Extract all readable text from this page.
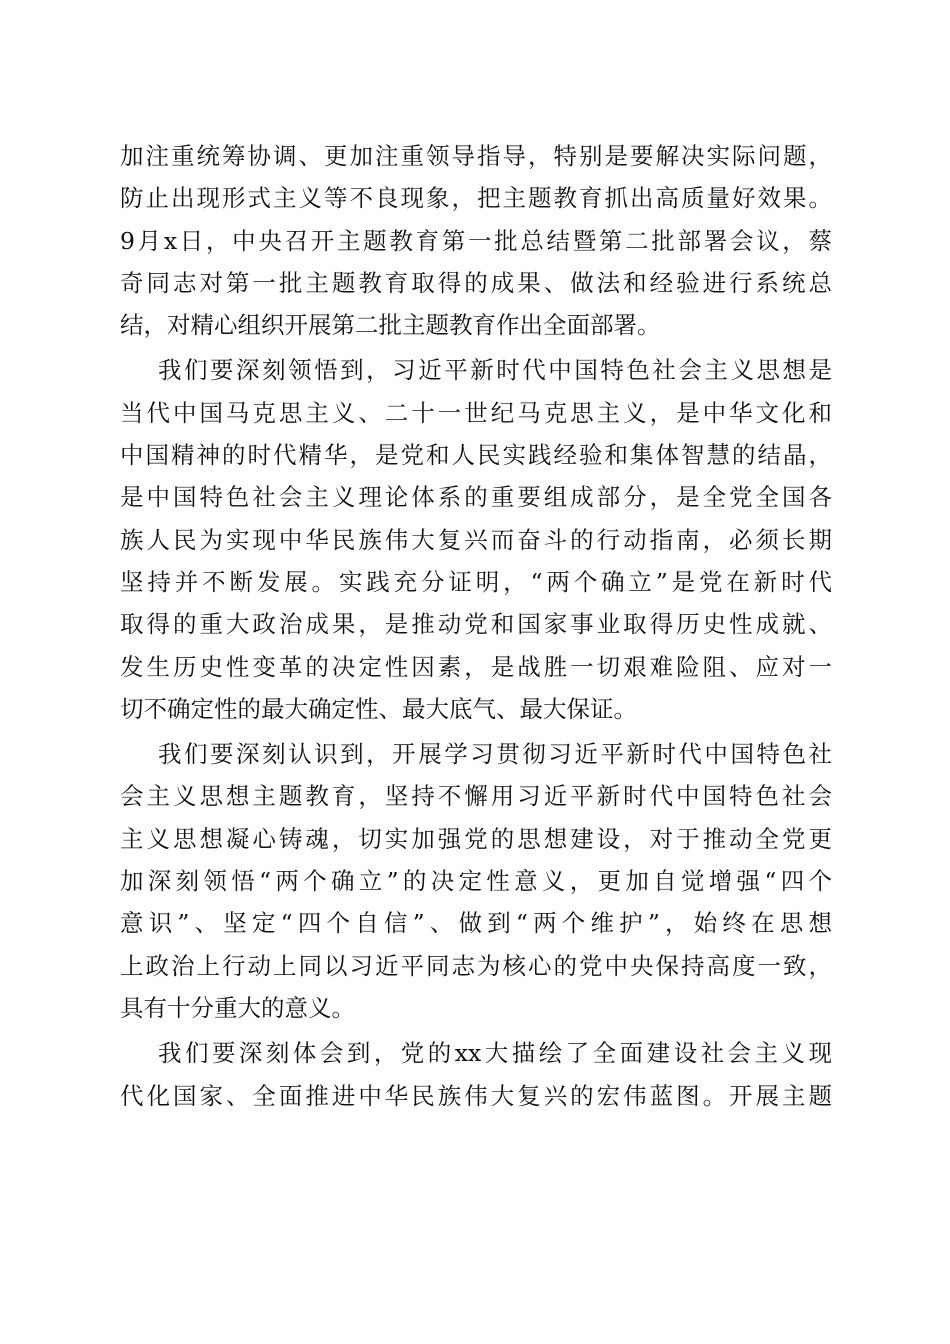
加注重统筹协调、更加注重领导指导，特别是要解决实际问题，
防止出现形式主义等不良现象，把主题教育抓出高质量好效果。
9月x日，中央召开主题教育第一批总结暨第二批部署会议，蔡
奇同志对第一批主题教育取得的成果、做法和经验进行系统总
结，对精心组织开展第二批主题教育作出全面部署。
我们要深刻领悟到，习近平新时代中国特色社会主义思想是
当代中国马克思主义、二十一世纪马克思主义，是中华文化和
中国精神的时代精华，是党和人民实践经验和集体智慧的结晶，
是中国特色社会主义理论体系的重要组成部分，是全党全国各
族人民为实现中华民族伟大复兴而奋斗的行动指南，必须长期
坚持并不断发展。实践充分证明，“两个确立”是党在新时代
取得的重大政治成果，是推动党和国家事业取得历史性成就、
发生历史性变革的决定性因素，是战胜一切艰难险阻、应对一
切不确定性的最大确定性、最大底气、最大保证。
我们要深刻认识到，开展学习贯彻习近平新时代中国特色社
会主义思想主题教育，坚持不懈用习近平新时代中国特色社会
主义思想凝心铸魂，切实加强党的思想建设，对于推动全党更
加深刻领悟“两个确立”的决定性意义，更加自觉增强“四个
意识”、坚定“四个自信”、做到“两个维护”，始终在思想
上政治上行动上同以习近平同志为核心的党中央保持高度一致，
具有十分重大的意义。
我们要深刻体会到，党的xx大描绘了全面建设社会主义现
代化国家、全面推进中华民族伟大复兴的宏伟蓝图。开展主题
